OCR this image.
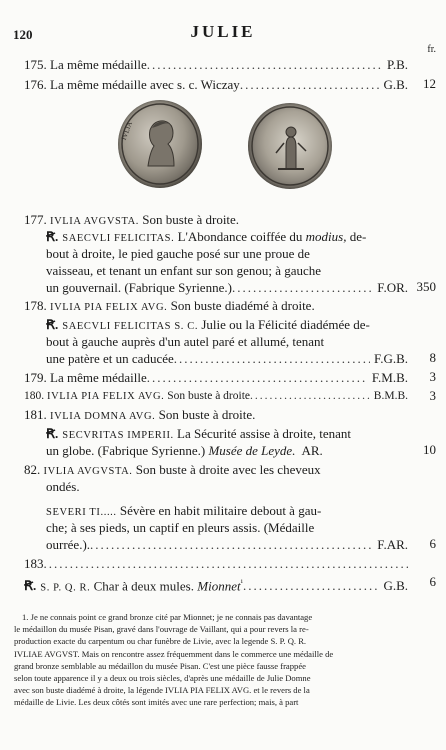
120	JULIE
fr.
175. La même médaille .....	P.B.
176. La même médaille avec s. c. Wiczay .....	G.B. 12
IVLIA
177. IVLIA AVGVSTA. Son buste à droite.
Ꞧ. SAECVLI FELICITAS. L'Abondance coiffée du modius, de-
bout à droite, le pied gauche posé sur une proue de
vaisseau, et tenant un enfant sur son genou; à gauche
un gouvernail. (Fabrique Syrienne.) .....	F.OR. 350
178. IVLIA PIA FELIX AVG. Son buste diadémé à droite.
Ꞧ. SAECVLI FELICITAS S. C. Julie ou la Félicité diadémée de-
bout à gauche auprès d'un autel paré et allumé, tenant
une patère et un caducée .....	F.G.B. 8
179. La même médaille .....	F.M.B. 3
180. IVLIA PIA FELIX AVG. Son buste à droite .....	B.M.B. 3
181. IVLIA DOMNA AVG. Son buste à droite.
Ꞧ. SECVRITAS IMPERII. La Sécurité assise à droite, tenant
un globe. (Fabrique Syrienne.) Musée de Leyde. AR.	10
82. IVLIA AVGVSTA. Son buste à droite avec les cheveux
ondés.
SEVERI TI..... Sévère en habit militaire debout à gau-
che; à ses pieds, un captif en pleurs assis. (Médaille
ourrée.). .....	F.AR. 6
183
.....
Ꞧ. S. P. Q. R. Char à deux mules. Mionnet$^{^1}$ .....	G.B. 6

1. Je ne connais point ce grand bronze cité par Mionnet; je ne connais pas davantage

le médaillon du musée Pisan, gravé dans l'ouvrage de Vaillant, qui a pour revers la re-

production exacte du carpentum ou char funèbre de Livie, avec la legende S. P. Q. R.

IVLIAE AVGVST. Mais on rencontre assez fréquemment dans le commerce une médaille de

grand bronze semblable au médaillon du musée Pisan. C'est une pièce fausse frappée

selon toute apparence il y a deux ou trois siècles, d'après une médaille de Julie Domne

avec son buste diadémé à droite, la légende IVLIA PIA FELIX AVG. et le revers de la

médaille de Livie. Les deux côtés sont imités avec une rare perfection; mais, à part
